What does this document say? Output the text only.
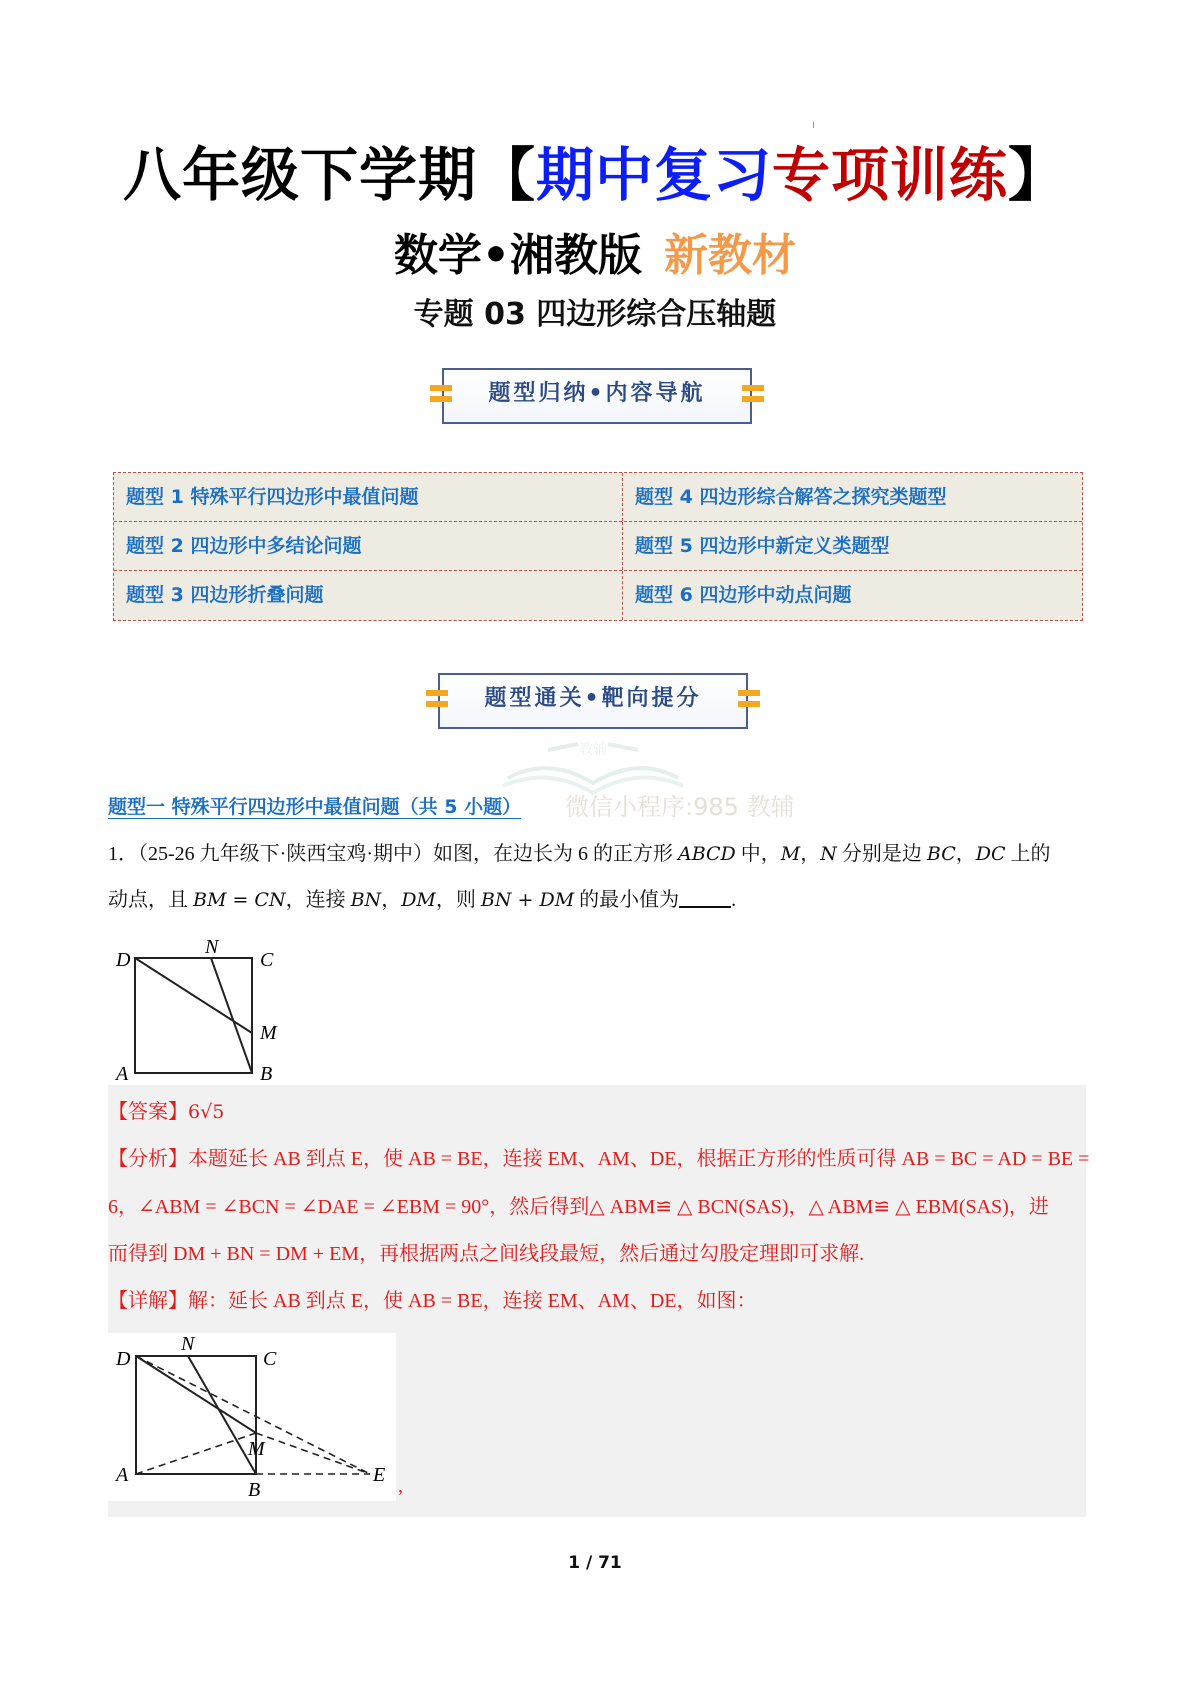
八年级下学期【期中复习专项训练】
数学•湘教版 新教材
专题 03 四边形综合压轴题
题型归纳•内容导航
题型 1 特殊平行四边形中最值问题	题型 4 四边形综合解答之探究类题型
题型 2 四边形中多结论问题	题型 5 四边形中新定义类题型
题型 3 四边形折叠问题	题型 6 四边形中动点问题
题型通关•靶向提分
教辅
微信小程序:985 教辅
题型一 特殊平行四边形中最值问题（共 5 小题）
1．（25-26 九年级下·陕西宝鸡·期中）如图，在边长为 6 的正方形 ABCD 中，M，N 分别是边 BC，DC 上的
动点，且 BM = CN，连接 BN，DM，则 BN + DM 的最小值为	.
D
N
C
M
A	B
【答案】6√5
【分析】本题延长 AB 到点 E，使 AB = BE，连接 EM、AM、DE，根据正方形的性质可得 AB = BC = AD = BE =
6，∠ABM = ∠BCN = ∠DAE = ∠EBM = 90°，然后得到△ ABM≌ △ BCN(SAS)，△ ABM≌ △ EBM(SAS)，进
而得到 DM + BN = DM + EM，再根据两点之间线段最短，然后通过勾股定理即可求解.
【详解】解：延长 AB 到点 E，使 AB = BE，连接 EM、AM、DE，如图：
D
N
C
M
A
B
E ,
1 / 71
